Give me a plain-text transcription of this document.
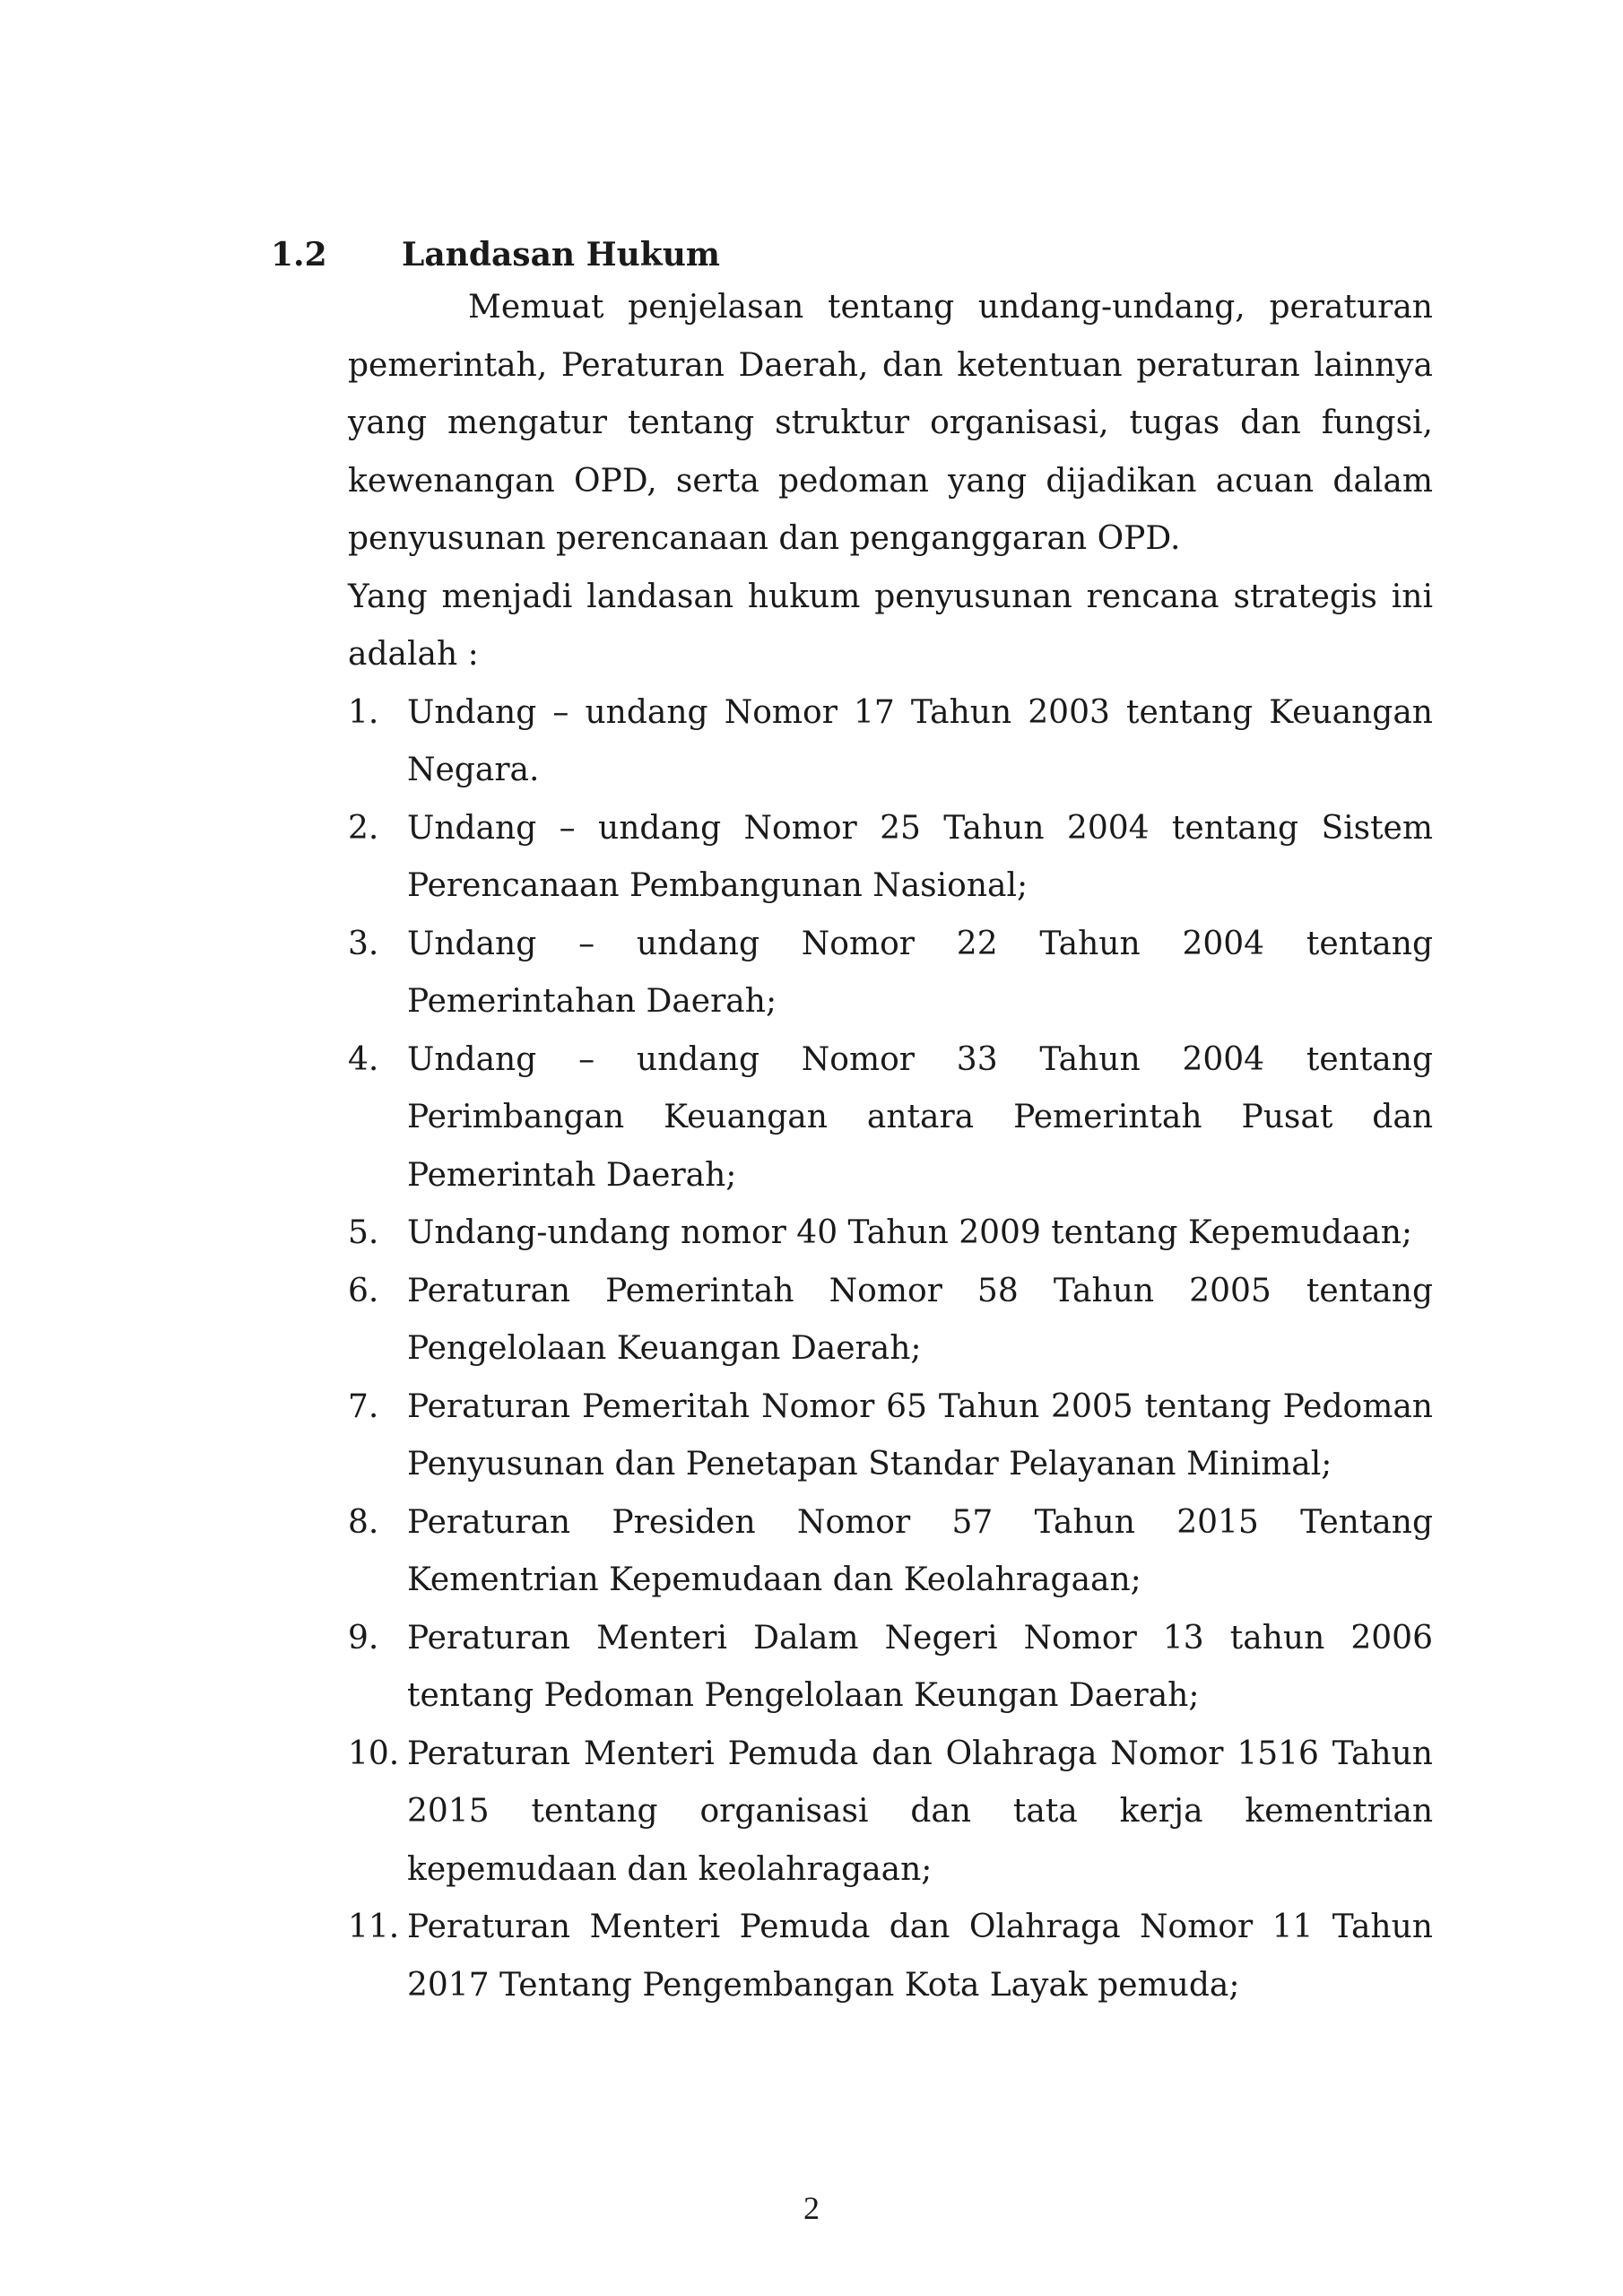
1.2 Landasan Hukum

Memuat penjelasan tentang undang-undang, peraturan pemerintah, Peraturan Daerah, dan ketentuan peraturan lainnya yang mengatur tentang struktur organisasi, tugas dan fungsi, kewenangan OPD, serta pedoman yang dijadikan acuan dalam penyusunan perencanaan dan penganggaran OPD.

Yang menjadi landasan hukum penyusunan rencana strategis ini adalah :

1. Undang – undang Nomor 17 Tahun 2003 tentang Keuangan Negara.
2. Undang – undang Nomor 25 Tahun 2004 tentang Sistem Perencanaan Pembangunan Nasional;
3. Undang – undang Nomor 22 Tahun 2004 tentang Pemerintahan Daerah;
4. Undang – undang Nomor 33 Tahun 2004 tentang Perimbangan Keuangan antara Pemerintah Pusat dan Pemerintah Daerah;
5. Undang-undang nomor 40 Tahun 2009 tentang Kepemudaan;
6. Peraturan Pemerintah Nomor 58 Tahun 2005 tentang Pengelolaan Keuangan Daerah;
7. Peraturan Pemeritah Nomor 65 Tahun 2005 tentang Pedoman Penyusunan dan Penetapan Standar Pelayanan Minimal;
8. Peraturan Presiden Nomor 57 Tahun 2015 Tentang Kementrian Kepemudaan dan Keolahragaan;
9. Peraturan Menteri Dalam Negeri Nomor 13 tahun 2006 tentang Pedoman Pengelolaan Keungan Daerah;
10. Peraturan Menteri Pemuda dan Olahraga Nomor 1516 Tahun 2015 tentang organisasi dan tata kerja kementrian kepemudaan dan keolahragaan;
11. Peraturan Menteri Pemuda dan Olahraga Nomor 11 Tahun 2017 Tentang Pengembangan Kota Layak pemuda;
2
